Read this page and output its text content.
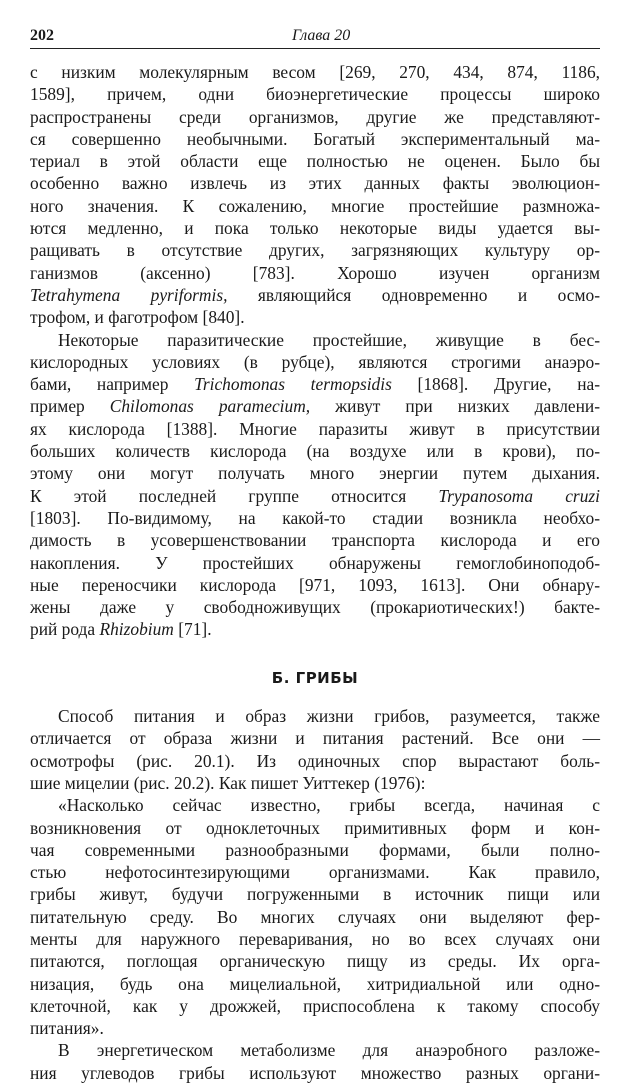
202	Глава 20

с низким молекулярным весом [269, 270, 434, 874, 1186,
1589], причем, одни биоэнергетические процессы широко
распространены среди организмов, другие же представляют-
ся совершенно необычными. Богатый экспериментальный ма-
териал в этой области еще полностью не оценен. Было бы
особенно важно извлечь из этих данных факты эволюцион-
ного значения. К сожалению, многие простейшие размножа-
ются медленно, и пока только некоторые виды удается вы-
ращивать в отсутствие других, загрязняющих культуру ор-
ганизмов (аксенно) [783]. Хорошо изучен организм
Tetrahymena pyriformis, являющийся одновременно и осмо-
трофом, и фаготрофом [840].

Некоторые паразитические простейшие, живущие в бес-
кислородных условиях (в рубце), являются строгими анаэро-
бами, например Trichomonas termopsidis [1868]. Другие, на-
пример Chilomonas paramecium, живут при низких давлени-
ях кислорода [1388]. Многие паразиты живут в присутствии
больших количеств кислорода (на воздухе или в крови), по-
этому они могут получать много энергии путем дыхания.
К этой последней группе относится Trypanosoma cruzi
[1803]. По-видимому, на какой-то стадии возникла необхо-
димость в усовершенствовании транспорта кислорода и его
накопления. У простейших обнаружены гемоглобиноподоб-
ные переносчики кислорода [971, 1093, 1613]. Они обнару-
жены даже у свободноживущих (прокариотических!) бакте-
рий рода Rhizobium [71].

Б. ГРИБЫ

Способ питания и образ жизни грибов, разумеется, также
отличается от образа жизни и питания растений. Все они —
осмотрофы (рис. 20.1). Из одиночных спор вырастают боль-
шие мицелии (рис. 20.2). Как пишет Уиттекер (1976):

«Насколько сейчас известно, грибы всегда, начиная с
возникновения от одноклеточных примитивных форм и кон-
чая современными разнообразными формами, были полно-
стью нефотосинтезирующими организмами. Как правило,
грибы живут, будучи погруженными в источник пищи или
питательную среду. Во многих случаях они выделяют фер-
менты для наружного переваривания, но во всех случаях они
питаются, поглощая органическую пищу из среды. Их орга-
низация, будь она мицелиальной, хитридиальной или одно-
клеточной, как у дрожжей, приспособлена к такому способу
питания».

В энергетическом метаболизме для анаэробного разложе-
ния углеводов грибы используют множество разных органи-
